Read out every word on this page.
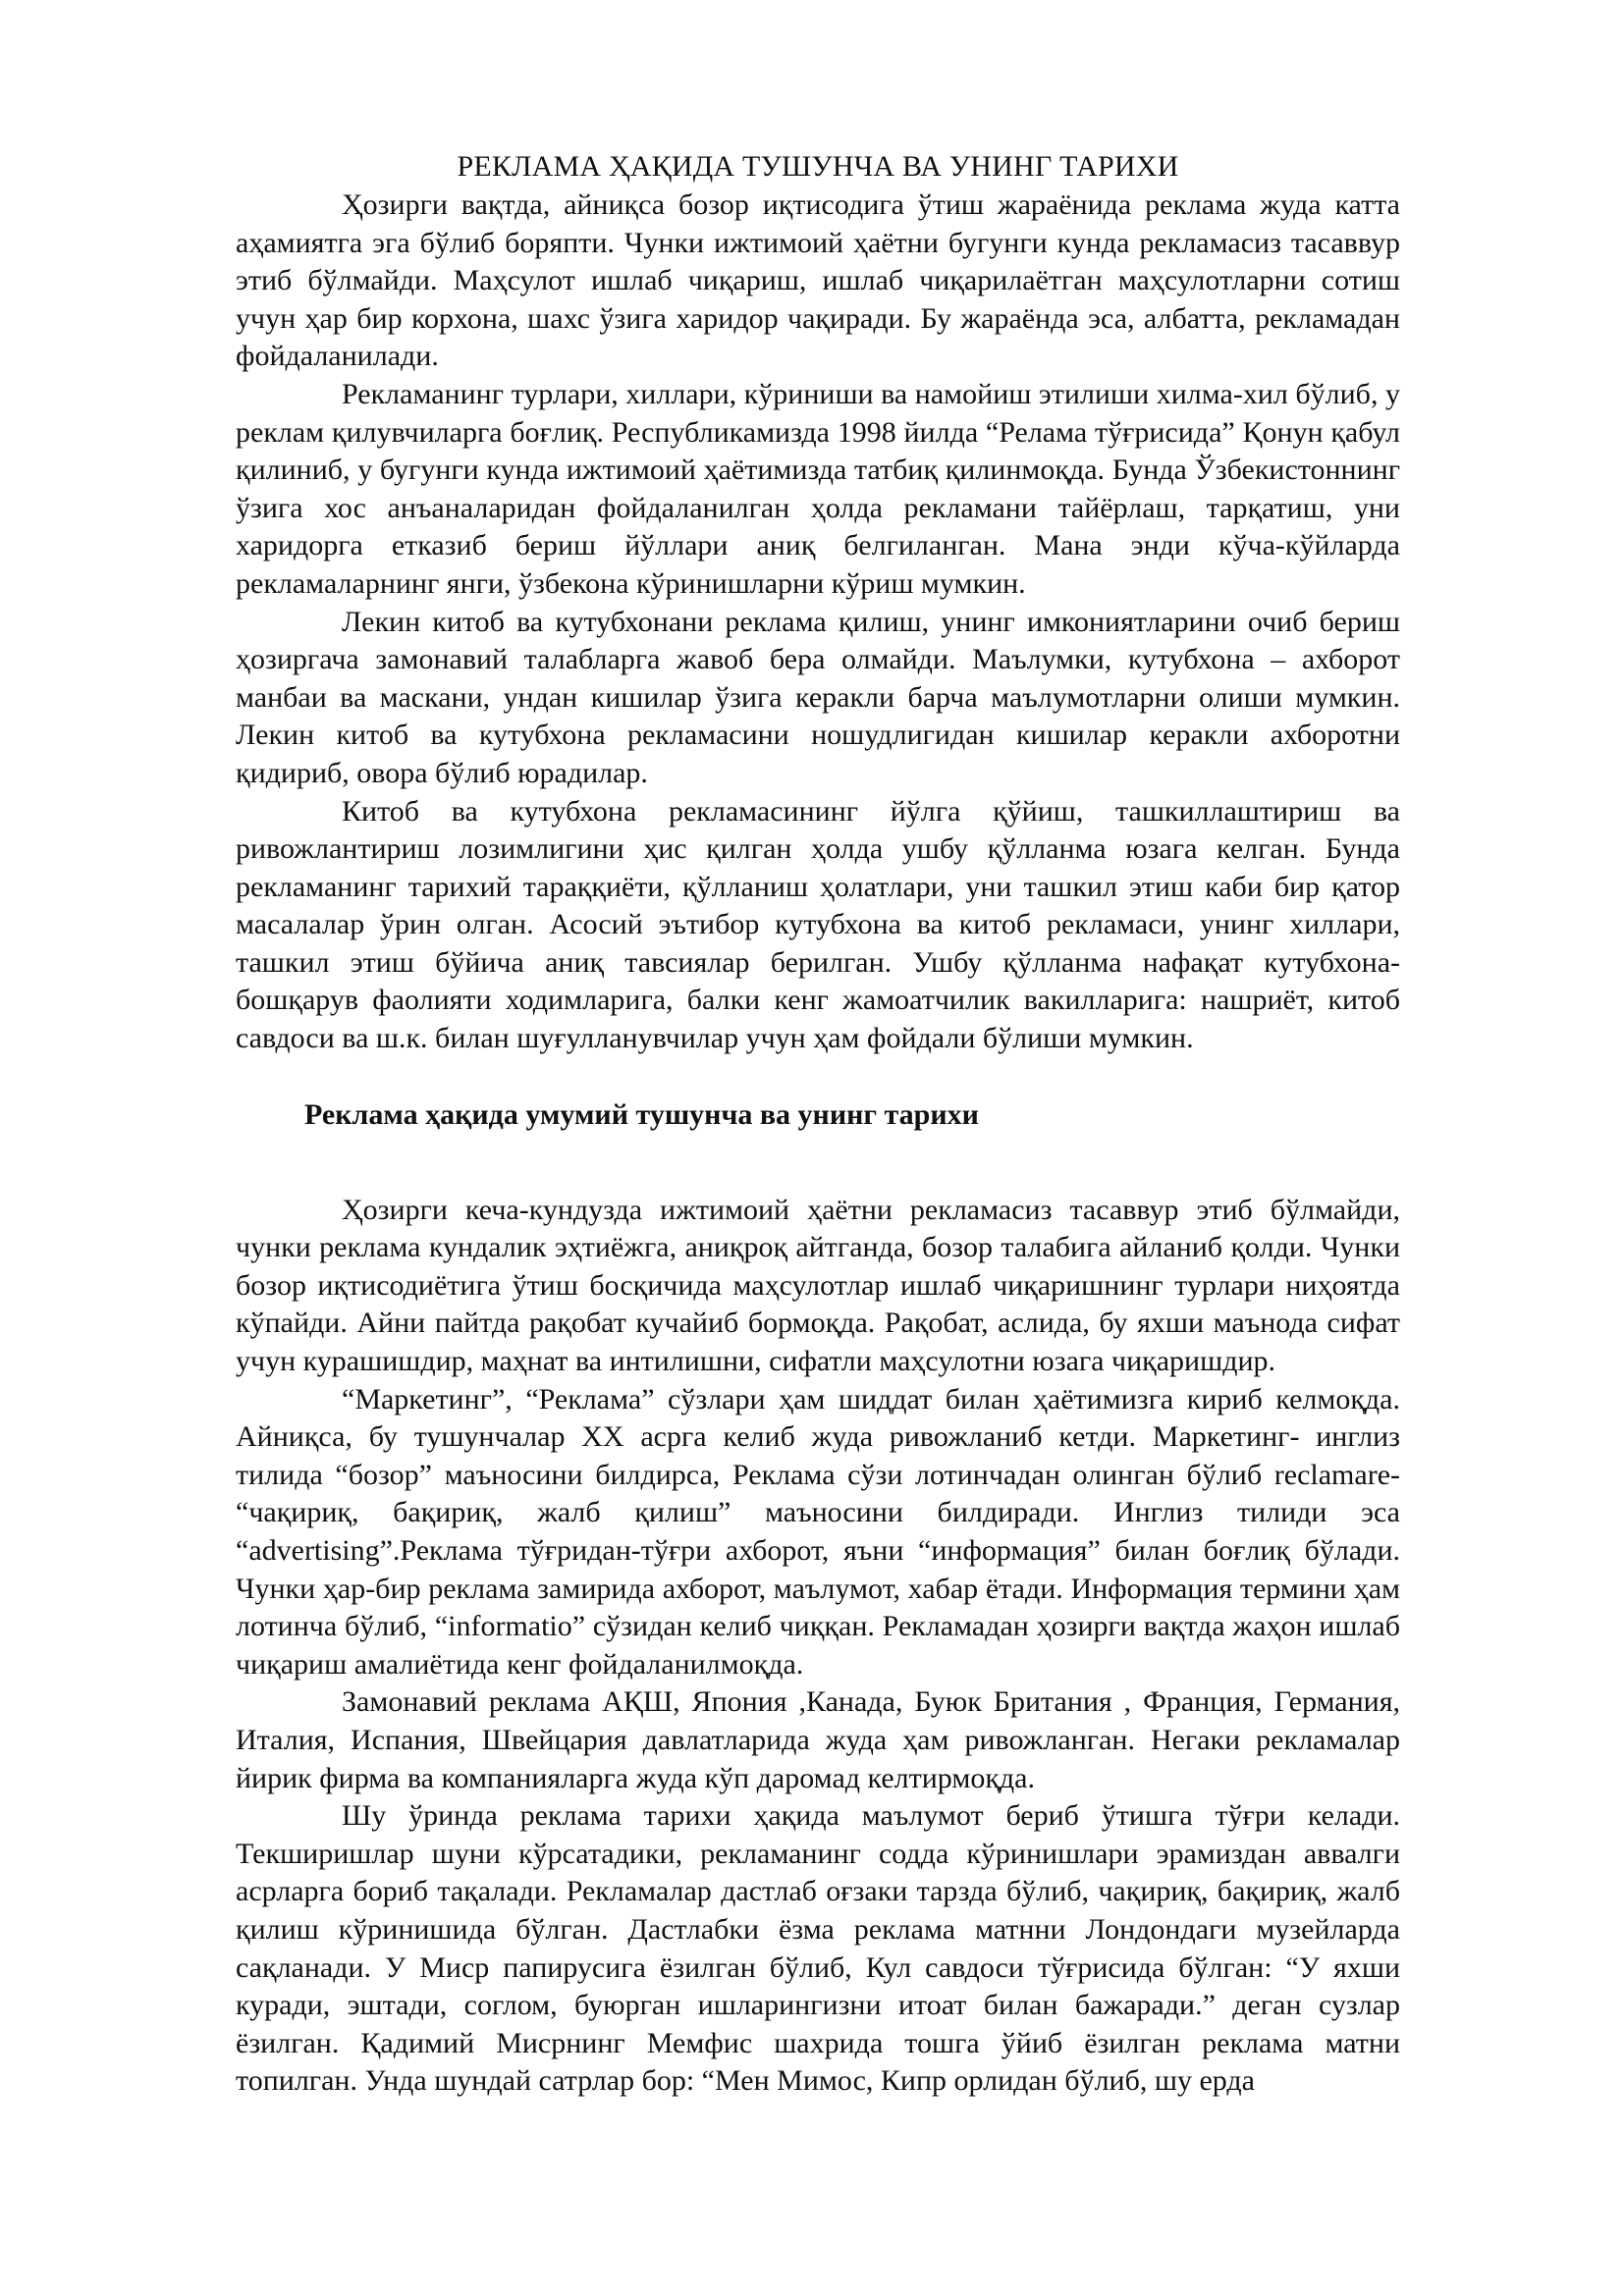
РЕКЛАМА ҲАҚИДА ТУШУНЧА ВА УНИНГ ТАРИХИ

Ҳозирги вақтда, айниқса бозор иқтисодига ўтиш жараёнида реклама жуда катта аҳамиятга эга бўлиб боряпти. Чунки ижтимоий ҳаётни бугунги кунда рекламасиз тасаввур этиб бўлмайди. Маҳсулот ишлаб чиқариш, ишлаб чиқарилаётган маҳсулотларни сотиш учун ҳар бир корхона, шахс ўзига харидор чақиради. Бу жараёнда эса, албатта, рекламадан фойдаланилади.

Рекламанинг турлари, хиллари, кўриниши ва намойиш этилиши хилма-хил бўлиб, у реклам қилувчиларга боғлиқ. Республикамизда 1998 йилда “Релама тўғрисида” Қонун қабул қилиниб, у бугунги кунда ижтимоий ҳаётимизда татбиқ қилинмоқда. Бунда Ўзбекистоннинг ўзига хос анъаналаридан фойдаланилган ҳолда рекламани тайёрлаш, тарқатиш, уни харидорга етказиб бериш йўллари аниқ белгиланган. Мана энди кўча-кўйларда рекламаларнинг янги, ўзбекона кўринишларни кўриш мумкин.

Лекин китоб ва кутубхонани реклама қилиш, унинг имкониятларини очиб бериш ҳозиргача замонавий талабларга жавоб бера олмайди. Маълумки, кутубхона – ахборот манбаи ва маскани, ундан кишилар ўзига керакли барча маълумотларни олиши мумкин. Лекин китоб ва кутубхона рекламасини ношудлигидан кишилар керакли ахборотни қидириб, овора бўлиб юрадилар.

Китоб ва кутубхона рекламасининг йўлга қўйиш, ташкиллаштириш ва ривожлантириш лозимлигини ҳис қилган ҳолда ушбу қўлланма юзага келган. Бунда рекламанинг тарихий тараққиёти, қўлланиш ҳолатлари, уни ташкил этиш каби бир қатор масалалар ўрин олган. Асосий эътибор кутубхона ва китоб рекламаси, унинг хиллари, ташкил этиш бўйича аниқ тавсиялар берилган. Ушбу қўлланма нафақат кутубхона-бошқарув фаолияти ходимларига, балки кенг жамоатчилик вакилларига: нашриёт, китоб савдоси ва ш.к. билан шуғулланувчилар учун ҳам фойдали бўлиши мумкин.

Реклама ҳақида умумий тушунча ва унинг тарихи

Ҳозирги кеча-кундузда ижтимоий ҳаётни рекламасиз тасаввур этиб бўлмайди, чунки реклама кундалик эҳтиёжга, аниқроқ айтганда, бозор талабига айланиб қолди. Чунки бозор иқтисодиётига ўтиш босқичида маҳсулотлар ишлаб чиқаришнинг турлари ниҳоятда кўпайди. Айни пайтда рақобат кучайиб бормоқда. Рақобат, аслида, бу яхши маънода сифат учун курашишдир, маҳнат ва интилишни, сифатли маҳсулотни юзага чиқаришдир.

“Маркетинг”, “Реклама” сўзлари ҳам шиддат билан ҳаётимизга кириб келмоқда. Айниқса, бу тушунчалар ХХ асрга келиб жуда ривожланиб кетди. Маркетинг- инглиз тилида “бозор” маъносини билдирса, Реклама сўзи лотинчадан олинган бўлиб reclamare- “чақириқ, бақириқ, жалб қилиш” маъносини билдиради. Инглиз тилиди эса “advertising”.Реклама тўғридан-тўғри ахборот, яъни “информация” билан боғлиқ бўлади. Чунки ҳар-бир реклама замирида ахборот, маълумот, хабар ётади. Информация термини ҳам лотинча бўлиб, “informatio” сўзидан келиб чиққан. Рекламадан ҳозирги вақтда жаҳон ишлаб чиқариш амалиётида кенг фойдаланилмоқда.

Замонавий реклама АҚШ, Япония ,Канада, Буюк Британия , Франция, Германия, Италия, Испания, Швейцария давлатларида жуда ҳам ривожланган. Негаки рекламалар йирик фирма ва компанияларга жуда кўп даромад келтирмоқда.

Шу ўринда реклама тарихи ҳақида маълумот бериб ўтишга тўғри келади. Текширишлар шуни кўрсатадики, рекламанинг содда кўринишлари эрамиздан аввалги асрларга бориб тақалади. Рекламалар дастлаб оғзаки тарзда бўлиб, чақириқ, бақириқ, жалб қилиш кўринишида бўлган. Дастлабки ёзма реклама матнни Лондондаги музейларда сақланади. У Миср папирусига ёзилган бўлиб, Кул савдоси тўғрисида бўлган: “У яхши куради, эштади, соглом, буюрган ишларингизни итоат билан бажаради.” деган сузлар ёзилган. Қадимий Мисрнинг Мемфис шахрида тошга ўйиб ёзилган реклама матни топилган. Унда шундай сатрлар бор: “Мен Мимос, Кипр орлидан бўлиб, шу ерда
